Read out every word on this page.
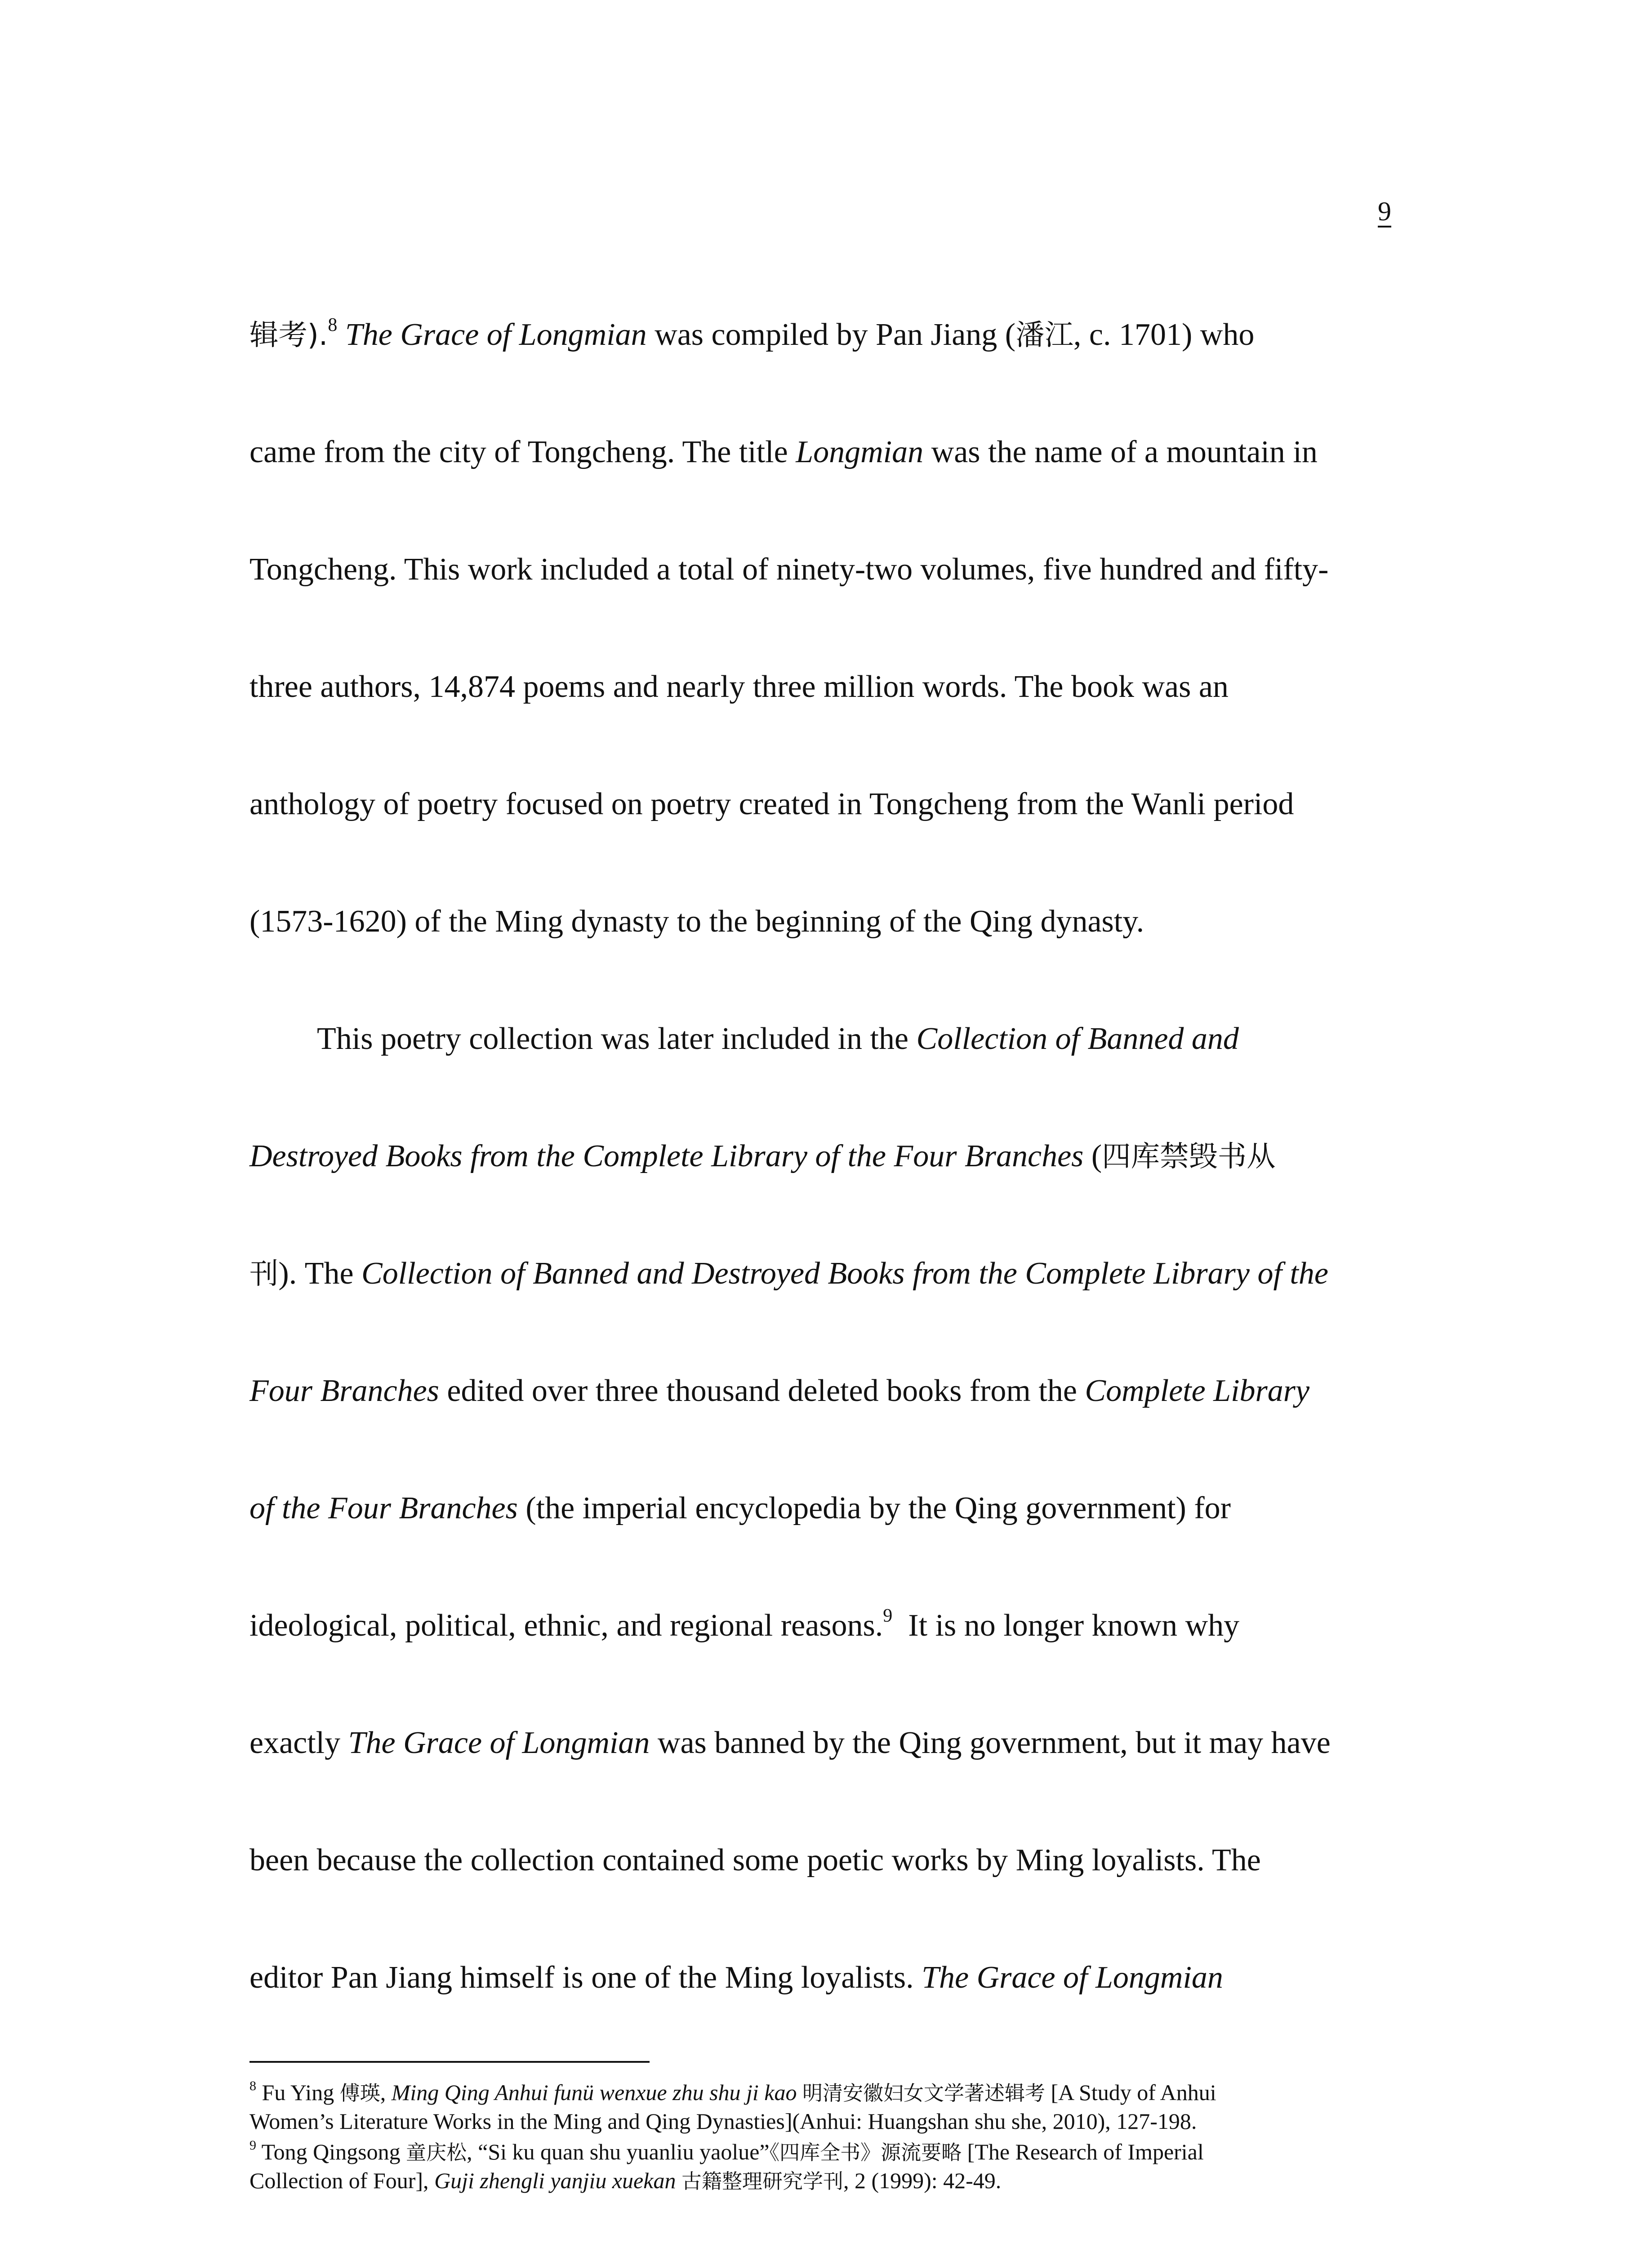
9
辑考).$^8$ The Grace of Longmian was compiled by Pan Jiang (潘江, c. 1701) who
came from the city of Tongcheng. The title Longmian was the name of a mountain in
Tongcheng. This work included a total of ninety-two volumes, five hundred and fifty-
three authors, 14,874 poems and nearly three million words. The book was an
anthology of poetry focused on poetry created in Tongcheng from the Wanli period
(1573-1620) of the Ming dynasty to the beginning of the Qing dynasty.
This poetry collection was later included in the Collection of Banned and
Destroyed Books from the Complete Library of the Four Branches (四库禁毁书从
刊). The Collection of Banned and Destroyed Books from the Complete Library of the
Four Branches edited over three thousand deleted books from the Complete Library
of the Four Branches (the imperial encyclopedia by the Qing government) for
ideological, political, ethnic, and regional reasons.$^9$  It is no longer known why
exactly The Grace of Longmian was banned by the Qing government, but it may have
been because the collection contained some poetic works by Ming loyalists. The
editor Pan Jiang himself is one of the Ming loyalists. The Grace of Longmian
$^8$ Fu Ying 傅瑛, Ming Qing Anhui funü wenxue zhu shu ji kao 明清安徽妇女文学著述辑考 [A Study of Anhui
Women’s Literature Works in the Ming and Qing Dynasties](Anhui: Huangshan shu she, 2010), 127-198.
$^9$ Tong Qingsong 童庆松, “Si ku quan shu yuanliu yaolue”《四库全书》源流要略 [The Research of Imperial
Collection of Four], Guji zhengli yanjiu xuekan 古籍整理研究学刊, 2 (1999): 42-49.
